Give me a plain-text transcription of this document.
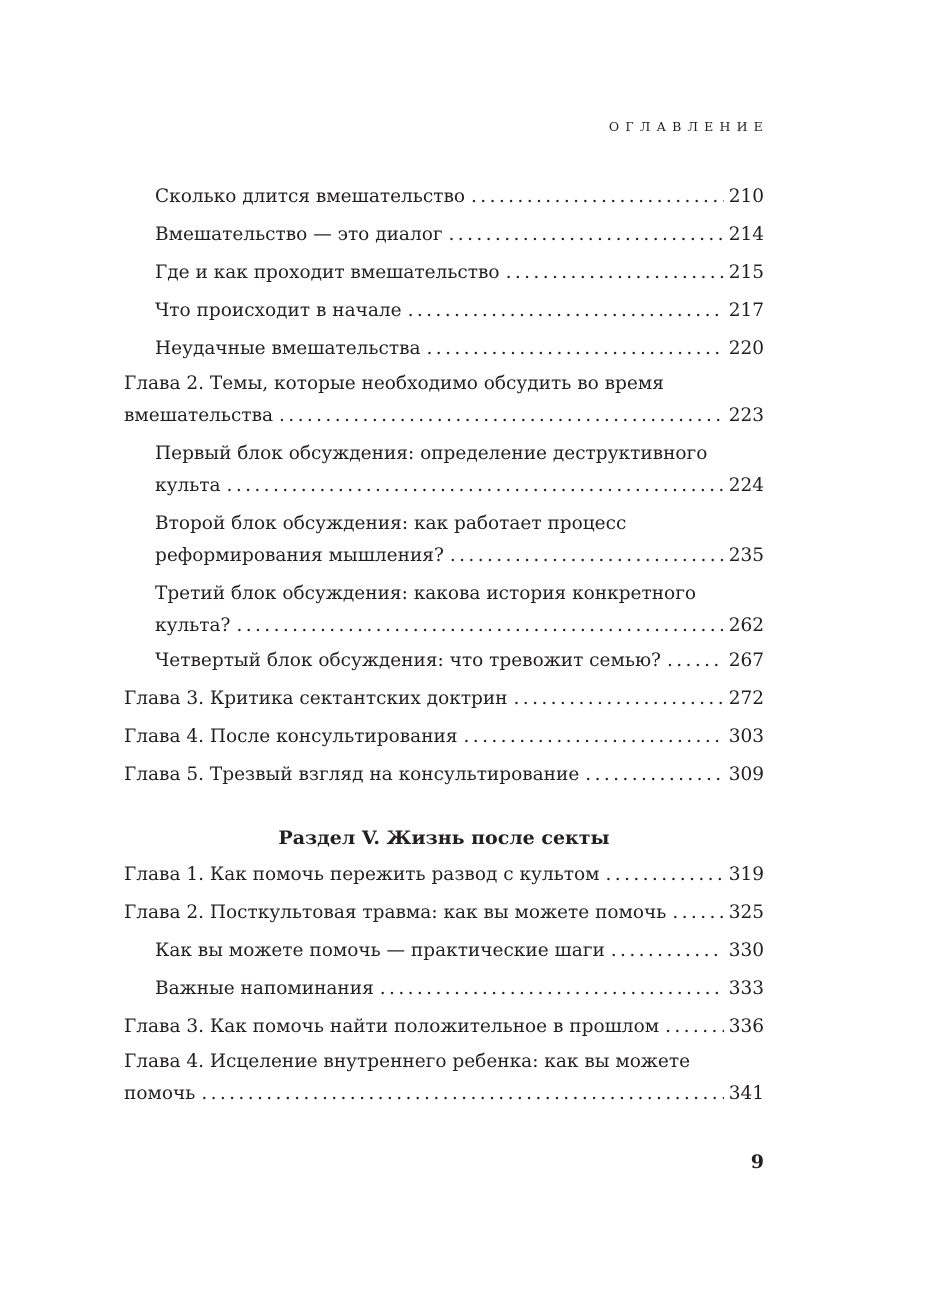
ОГЛАВЛЕНИЕ
Сколько длится вмешательство .....	210
Вмешательство — это диалог .....	214
Где и как проходит вмешательство .....	215
Что происходит в начале .....	217
Неудачные вмешательства .....	220
Глава 2. Темы, которые необходимо обсудить во время
вмешательства .....	223
Первый блок обсуждения: определение деструктивного
культа .....	224
Второй блок обсуждения: как работает процесс
реформирования мышления? .....	235
Третий блок обсуждения: какова история конкретного
культа? .....	262
Четвертый блок обсуждения: что тревожит семью? .....	267
Глава 3. Критика сектантских доктрин .....	272
Глава 4. После консультирования .....	303
Глава 5. Трезвый взгляд на консультирование .....	309
Раздел V. Жизнь после секты
Глава 1. Как помочь пережить развод с культом .....	319
Глава 2. Посткультовая травма: как вы можете помочь .....	325
Как вы можете помочь — практические шаги .....	330
Важные напоминания .....	333
Глава 3. Как помочь найти положительное в прошлом .....	336
Глава 4. Исцеление внутреннего ребенка: как вы можете
помочь .....	341
9
